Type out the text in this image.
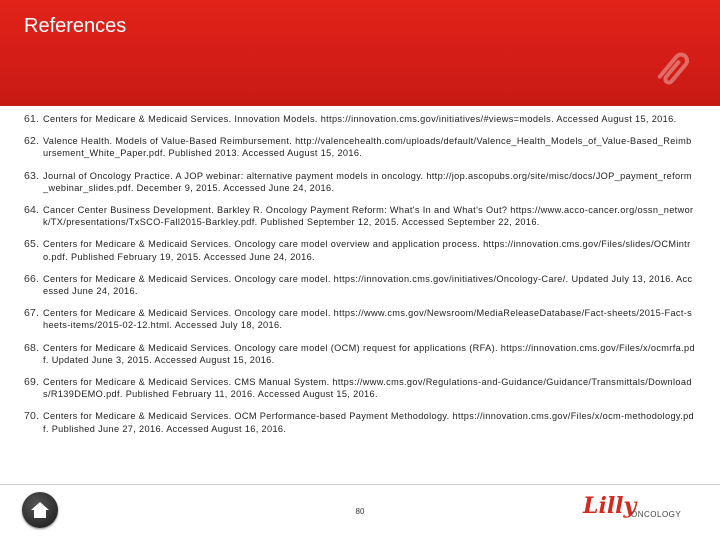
References
61. Centers for Medicare & Medicaid Services. Innovation Models. https://innovation.cms.gov/initiatives/#views=models. Accessed August 15, 2016.
62. Valence Health. Models of Value-Based Reimbursement. http://valencehealth.com/uploads/default/Valence_Health_Models_of_Value-Based_Reimbursement_White_Paper.pdf. Published 2013. Accessed August 15, 2016.
63. Journal of Oncology Practice. A JOP webinar: alternative payment models in oncology. http://jop.ascopubs.org/site/misc/docs/JOP_payment_reform_webinar_slides.pdf. December 9, 2015. Accessed June 24, 2016.
64. Cancer Center Business Development. Barkley R. Oncology Payment Reform: What's In and What's Out? https://www.acco-cancer.org/ossn_network/TX/presentations/TxSCO-Fall2015-Barkley.pdf. Published September 12, 2015. Accessed September 22, 2016.
65. Centers for Medicare & Medicaid Services. Oncology care model overview and application process. https://innovation.cms.gov/Files/slides/OCMintro.pdf. Published February 19, 2015. Accessed June 24, 2016.
66. Centers for Medicare & Medicaid Services. Oncology care model. https://innovation.cms.gov/initiatives/Oncology-Care/. Updated July 13, 2016. Accessed June 24, 2016.
67. Centers for Medicare & Medicaid Services. Oncology care model. https://www.cms.gov/Newsroom/MediaReleaseDatabase/Fact-sheets/2015-Fact-sheets-items/2015-02-12.html. Accessed July 18, 2016.
68. Centers for Medicare & Medicaid Services. Oncology care model (OCM) request for applications (RFA). https://innovation.cms.gov/Files/x/ocmrfa.pdf. Updated June 3, 2015. Accessed August 15, 2016.
69. Centers for Medicare & Medicaid Services. CMS Manual System. https://www.cms.gov/Regulations-and-Guidance/Guidance/Transmittals/Downloads/R139DEMO.pdf. Published February 11, 2016. Accessed August 15, 2016.
70. Centers for Medicare & Medicaid Services. OCM Performance-based Payment Methodology. https://innovation.cms.gov/Files/x/ocm-methodology.pdf. Published June 27, 2016. Accessed August 16, 2016.
80	Lilly
ONCOLOGY
